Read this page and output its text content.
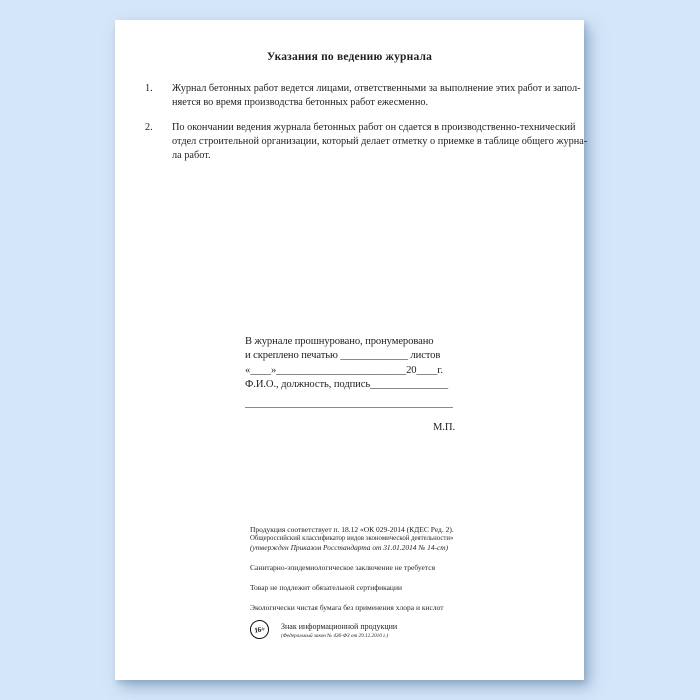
Указания по ведению журнала
1.	Журнал бетонных работ ведется лицами, ответственными за выполнение этих работ и запол-
няется во время производства бетонных работ ежесменно.
2.	По окончании ведения журнала бетонных работ он сдается в производственно-технический
отдел строительной организации, который делает отметку о приемке в таблице общего журна-
ла работ.
В журнале прошнуровано, пронумеровано
и скреплено печатью _____________ листов
«____»_________________________20____г.
Ф.И.О., должность, подпись_______________
________________________________________
М.П.
Продукция соответствует п. 18.12 «ОК 029-2014 (КДЕС Ред. 2).
Общероссийский классификатор видов экономической деятельности»
(утвержден Приказом Росстандарта от 31.01.2014 № 14-ст)
Санитарно-эпидемиологическое заключение не требуется
Товар не подлежит обязательной сертификации
Экологически чистая бумага без применения хлора и кислот
16+ Знак информационной продукции
(Федеральный закон № 436-ФЗ от 29.12.2010 г.)
